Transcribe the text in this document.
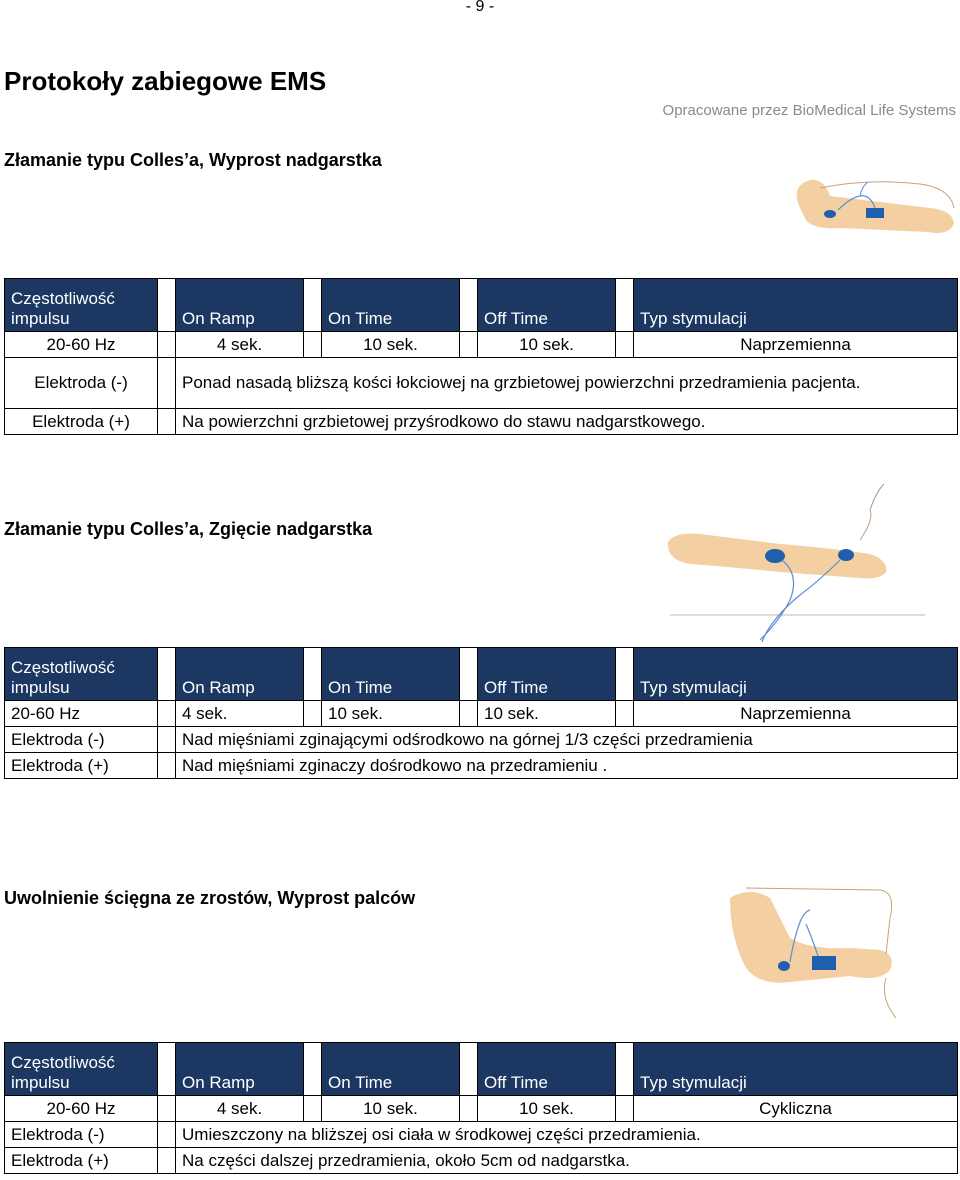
- 9 -
Protokoły zabiegowe EMS
Opracowane przez BioMedical Life Systems
Złamanie typu Colles’a, Wyprost nadgarstka
Częstotliwość
impulsu		On Ramp		On Time		Off Time		Typ stymulacji
20-60 Hz		4 sek.		10 sek.		10 sek.		Naprzemienna
Elektroda (-)		Ponad nasadą bliższą kości łokciowej na grzbietowej powierzchni przedramienia pacjenta.						
Elektroda (+)		Na powierzchni grzbietowej przyśrodkowo do stawu nadgarstkowego.						
Złamanie typu Colles’a, Zgięcie nadgarstka
Częstotliwość
impulsu		On Ramp		On Time		Off Time		Typ stymulacji
20-60 Hz		4 sek.		10 sek.		10 sek.		Naprzemienna
Elektroda (-)		Nad mięśniami zginającymi odśrodkowo na górnej 1/3 części przedramienia						
Elektroda (+)		Nad mięśniami zginaczy dośrodkowo na przedramieniu .						
Uwolnienie ścięgna ze zrostów, Wyprost palców
Częstotliwość
impulsu		On Ramp		On Time		Off Time		Typ stymulacji
20-60 Hz		4 sek.		10 sek.		10 sek.		Cykliczna
Elektroda (-)		Umieszczony na bliższej osi ciała w środkowej części przedramienia.						
Elektroda (+)		Na części dalszej przedramienia, około 5cm od nadgarstka.						
